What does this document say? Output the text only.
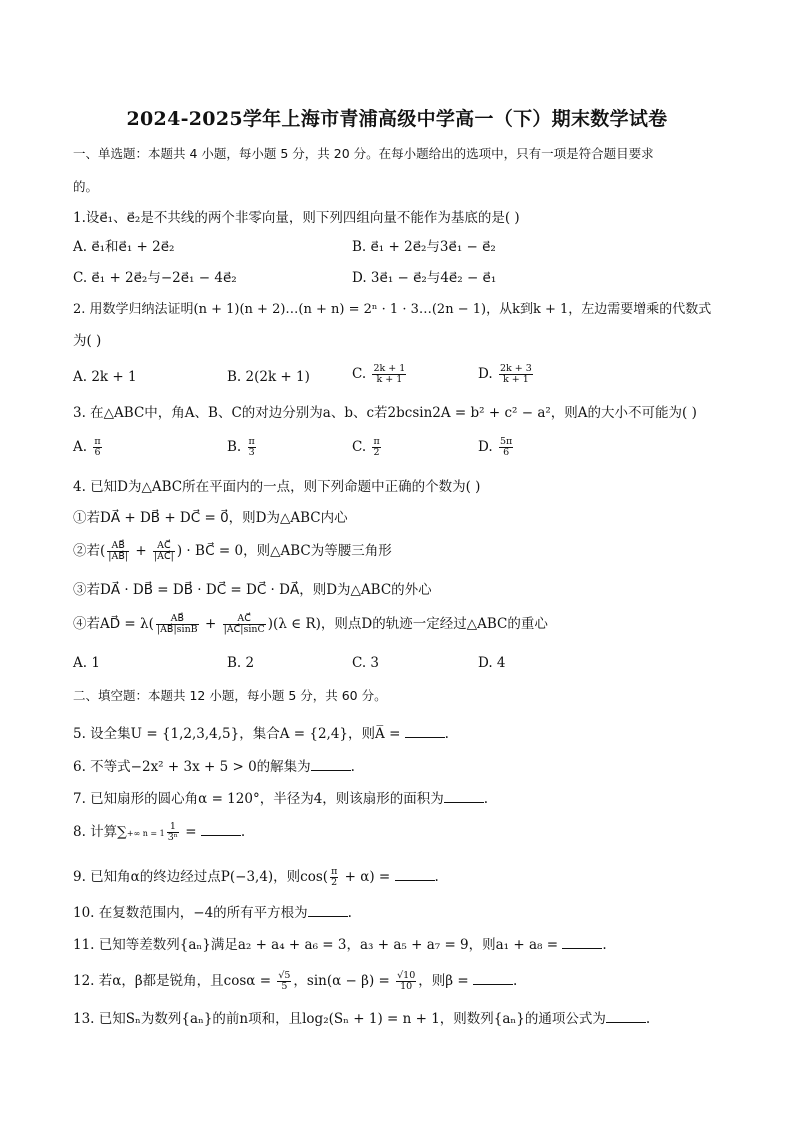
2024-2025学年上海市青浦高级中学高一（下）期末数学试卷
一、单选题：本题共 4 小题，每小题 5 分，共 20 分。在每小题给出的选项中，只有一项是符合题目要求
的。
1.设e⃗₁、e⃗₂是不共线的两个非零向量，则下列四组向量不能作为基底的是( )
A. e⃗₁和e⃗₁ + 2e⃗₂	B. e⃗₁ + 2e⃗₂与3e⃗₁ − e⃗₂
C. e⃗₁ + 2e⃗₂与−2e⃗₁ − 4e⃗₂	D. 3e⃗₁ − e⃗₂与4e⃗₂ − e⃗₁
2. 用数学归纳法证明(n + 1)(n + 2)…(n + n) = 2ⁿ · 1 · 3…(2n − 1)，从k到k + 1，左边需要增乘的代数式
为( )
A. 2k + 1	B. 2(2k + 1)	C. $\frac{2k + 1}{k + 1}$	D. $\frac{2k + 3}{k + 1}$
3. 在△ABC中，角A、B、C的对边分别为a、b、c若2bcsin2A = b² + c² − a²，则A的大小不可能为( )
A. $\frac{\pi}{6}$	B. $\frac{\pi}{3}$	C. $\frac{\pi}{2}$	D. $\frac{5\pi}{6}$
4. 已知D为△ABC所在平面内的一点，则下列命题中正确的个数为( )
①若DA⃗ + DB⃗ + DC⃗ = 0⃗，则D为△ABC内心
②若( $\frac{AB⃗}{|AB⃗|} + \frac{AC⃗}{|AC⃗|}$ ) · BC⃗ = 0，则△ABC为等腰三角形
③若DA⃗ · DB⃗ = DB⃗ · DC⃗ = DC⃗ · DA⃗，则D为△ABC的外心
④若AD⃗ = $\lambda( \frac{AB⃗}{|AB⃗|\sin B} + \frac{AC⃗}{|AC⃗|\sin C} )(\lambda$ ∈ R)，则点D的轨迹一定经过△ABC的重心
A. 1	B. 2	C. 3	D. 4
二、填空题：本题共 12 小题，每小题 5 分，共 60 分。
5. 设全集U = {1,2,3,4,5}，集合A = {2,4}，则A̅ =	.
6. 不等式−2x² + 3x + 5 > 0的解集为	.
7. 已知扇形的圆心角α = 120°，半径为4，则该扇形的面积为	.
8. 计算∑+∞ $n = 1 \frac{1}{\text{3ⁿ}}$ =	.
9. 已知角α的终边经过点P(−3,4)，则$\cos( \frac{\pi}{2} + \alpha)$ =	.
10. 在复数范围内，−4的所有平方根为	.
11. 已知等差数列{aₙ}满足a₂ + a₄ + a₆ = 3，a₃ + a₅ + a₇ = 9，则a₁ + a₈ =	.
12. 若α，β都是锐角，且$\cos\alpha = \frac{√5}{5}$ ，$\sin(\alpha - \beta) = \frac{√10}{10}$ ，则β =	.
13. 已知Sₙ为数列{aₙ}的前n项和，且log₂(Sₙ + 1) = n + 1，则数列{aₙ}的通项公式为	.
